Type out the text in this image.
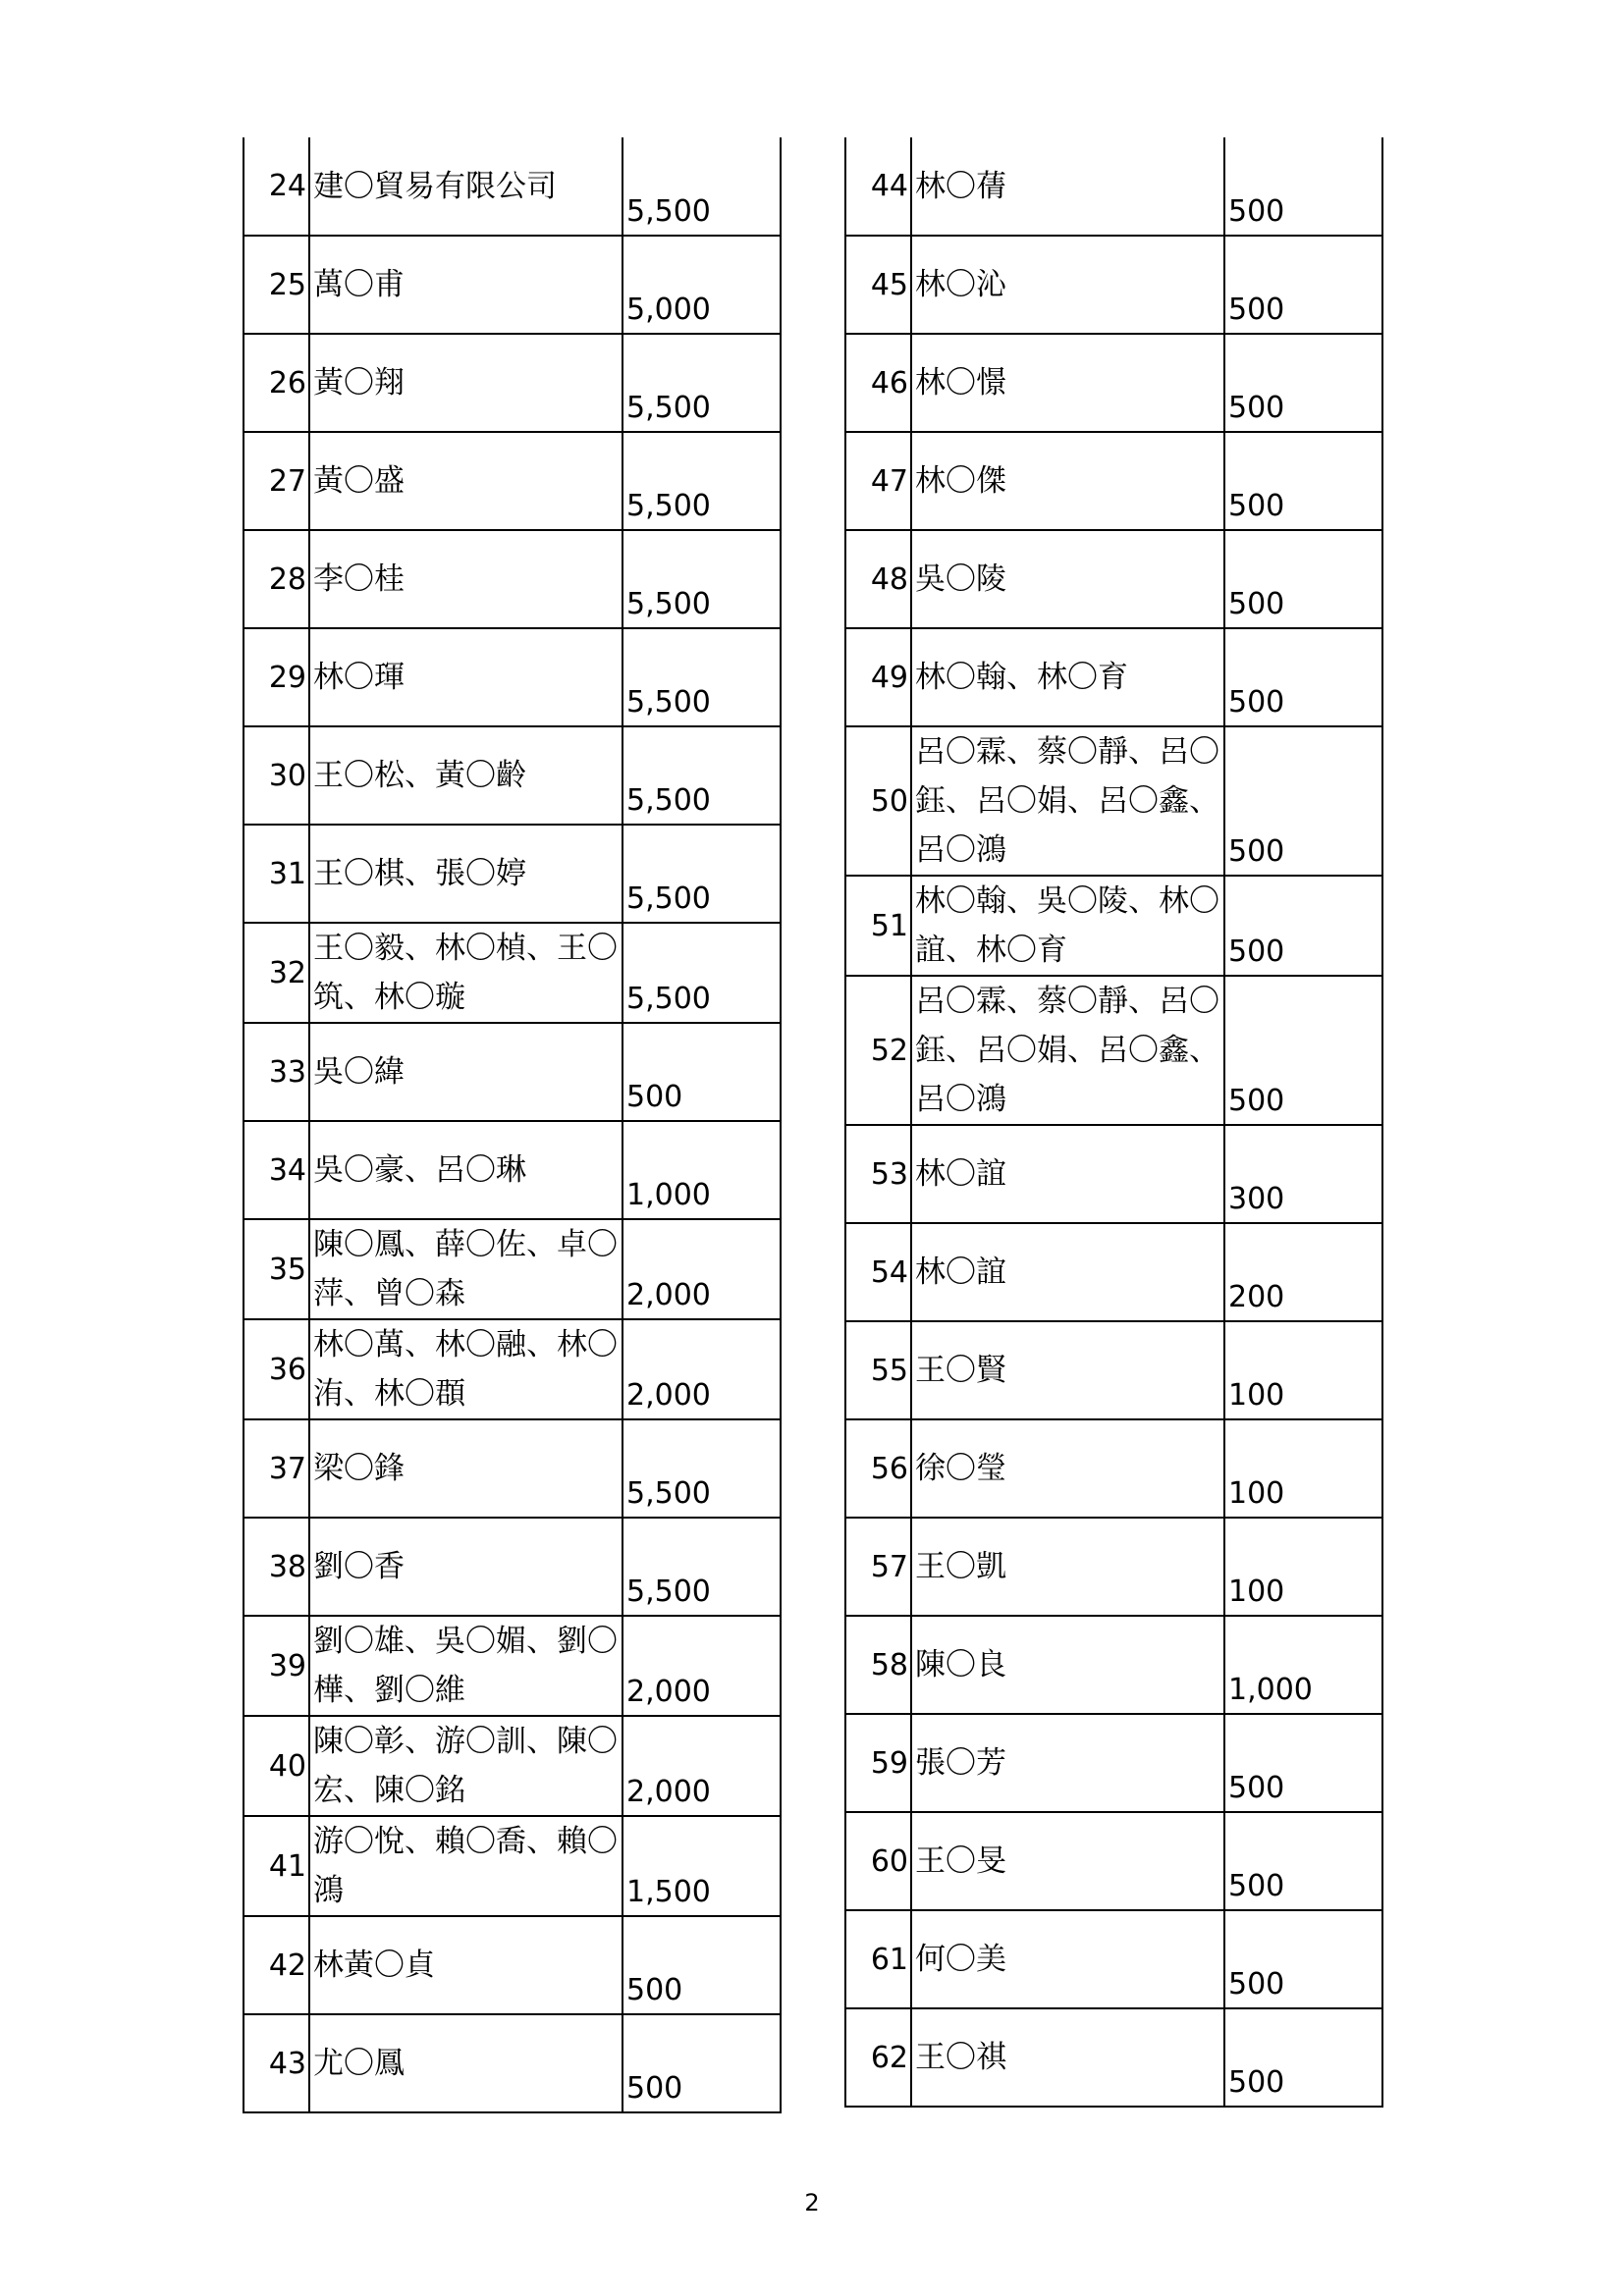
24	建〇貿易有限公司	5,500
25	萬〇甫	5,000
26	黃〇翔	5,500
27	黃〇盛	5,500
28	李〇桂	5,500
29	林〇琿	5,500
30	王〇松、黃〇齡	5,500
31	王〇棋、張〇婷	5,500
32	王〇毅、林〇楨、王〇筑、林〇璇	5,500
33	吳〇緯	500
34	吳〇豪、呂〇琳	1,000
35	陳〇鳳、薛〇佐、卓〇萍、曾〇森	2,000
36	林〇萬、林〇融、林〇洧、林〇頵	2,000
37	梁〇鋒	5,500
38	劉〇香	5,500
39	劉〇雄、吳〇媚、劉〇樺、劉〇維	2,000
40	陳〇彰、游〇訓、陳〇宏、陳〇銘	2,000
41	游〇悅、賴〇喬、賴〇鴻	1,500
42	林黃〇貞	500
43	尤〇鳳	500
44	林〇蒨	500
45	林〇沁	500
46	林〇憬	500
47	林〇傑	500
48	吳〇陵	500
49	林〇翰、林〇育	500
50	呂〇霖、蔡〇靜、呂〇鈺、呂〇娟、呂〇鑫、呂〇鴻	500
51	林〇翰、吳〇陵、林〇誼、林〇育	500
52	呂〇霖、蔡〇靜、呂〇鈺、呂〇娟、呂〇鑫、呂〇鴻	500
53	林〇誼	300
54	林〇誼	200
55	王〇賢	100
56	徐〇瑩	100
57	王〇凱	100
58	陳〇良	1,000
59	張〇芳	500
60	王〇旻	500
61	何〇美	500
62	王〇祺	500
2
